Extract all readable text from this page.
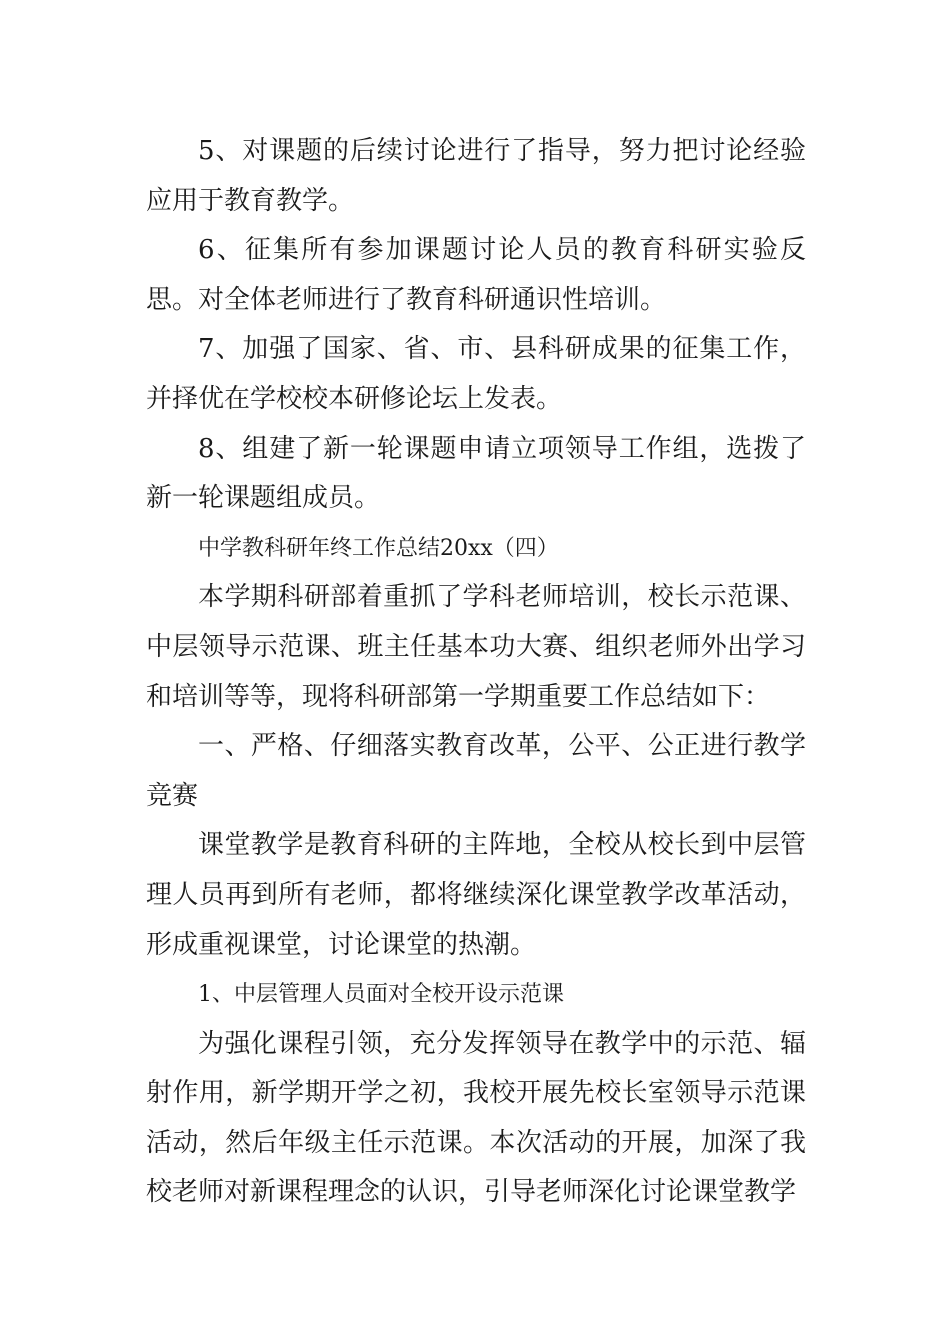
5、对课题的后续讨论进行了指导，努力把讨论经验应用于教育教学。

6、征集所有参加课题讨论人员的教育科研实验反思。对全体老师进行了教育科研通识性培训。

7、加强了国家、省、市、县科研成果的征集工作，并择优在学校校本研修论坛上发表。

8、组建了新一轮课题申请立项领导工作组，选拨了新一轮课题组成员。

中学教科研年终工作总结20xx（四）

本学期科研部着重抓了学科老师培训，校长示范课、中层领导示范课、班主任基本功大赛、组织老师外出学习和培训等等，现将科研部第一学期重要工作总结如下：

一、严格、仔细落实教育改革，公平、公正进行教学竞赛

课堂教学是教育科研的主阵地，全校从校长到中层管理人员再到所有老师，都将继续深化课堂教学改革活动，形成重视课堂，讨论课堂的热潮。

1、中层管理人员面对全校开设示范课

为强化课程引领，充分发挥领导在教学中的示范、辐射作用，新学期开学之初，我校开展先校长室领导示范课活动，然后年级主任示范课。本次活动的开展，加深了我校老师对新课程理念的认识，引导老师深化讨论课堂教学
